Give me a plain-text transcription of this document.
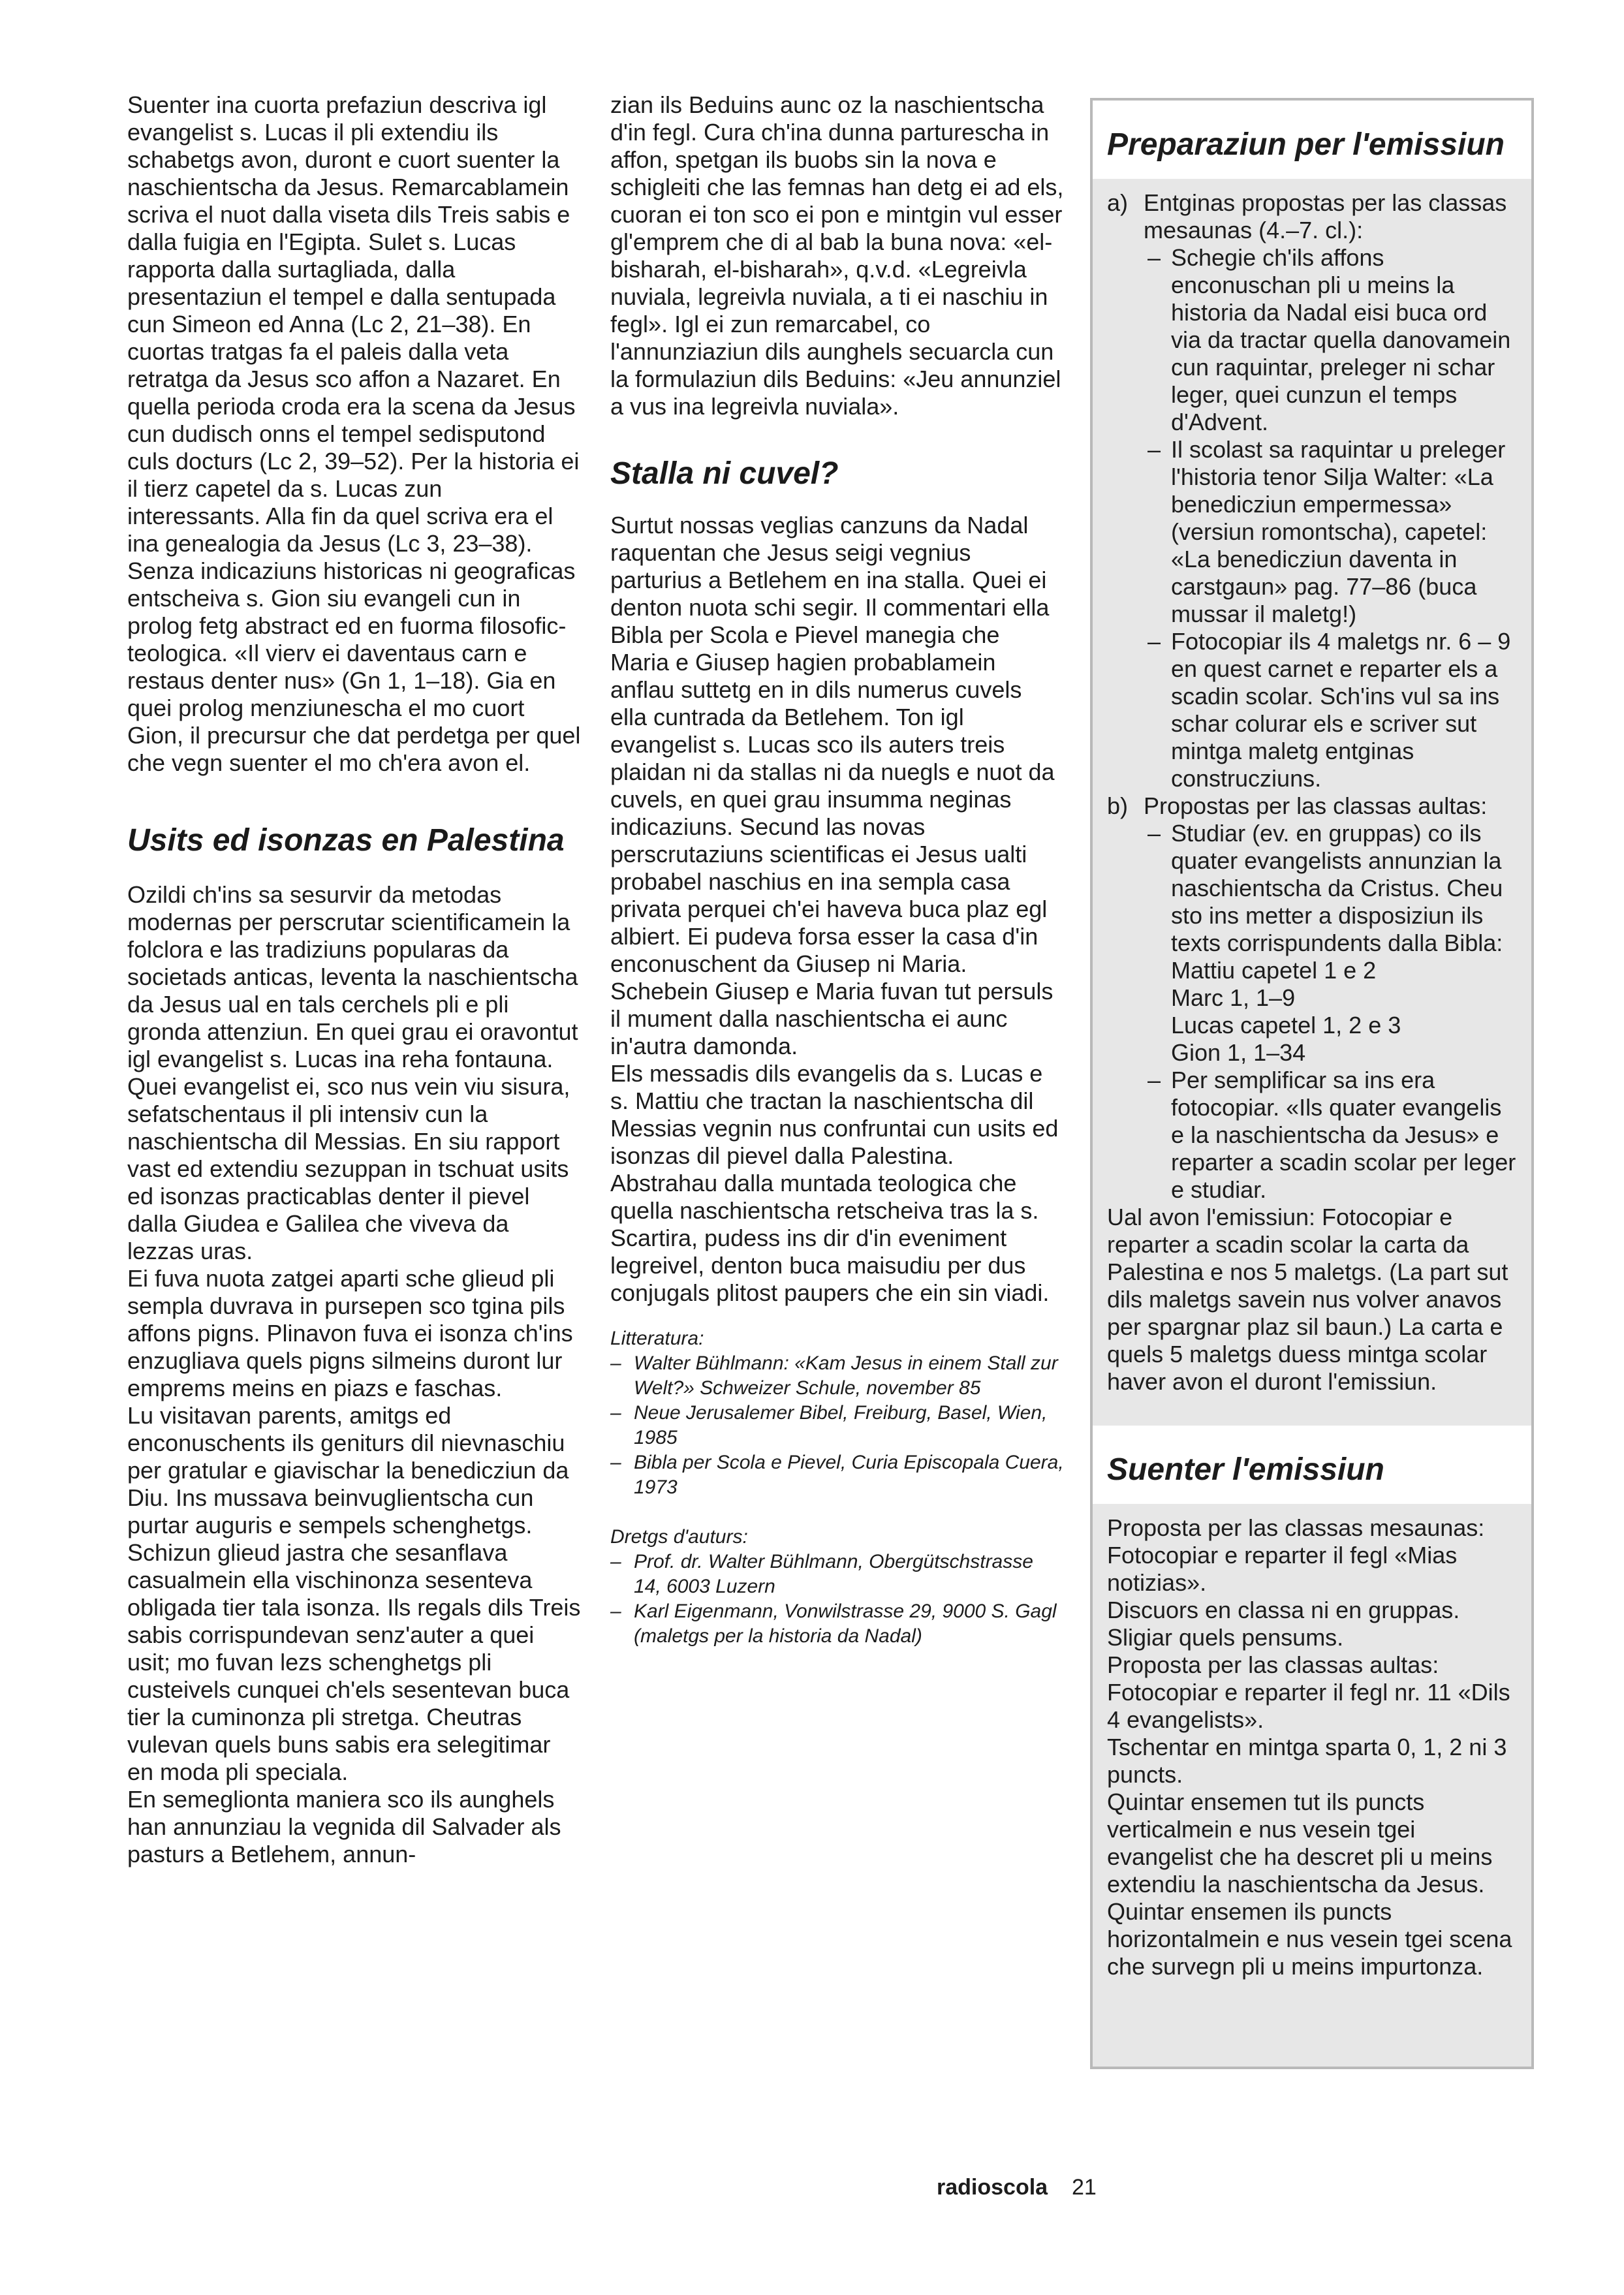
Suenter ina cuorta prefaziun descriva igl evangelist s. Lucas il pli extendiu ils schabetgs avon, duront e cuort suenter la naschientscha da Jesus. Remarcablamein scriva el nuot dalla viseta dils Treis sabis e dalla fuigia en l'Egipta. Sulet s. Lucas rapporta dalla surtagliada, dalla presentaziun el tempel e dalla sentupada cun Simeon ed Anna (Lc 2, 21–38). En cuortas tratgas fa el paleis dalla veta retratga da Jesus sco affon a Nazaret. En quella perioda croda era la scena da Jesus cun dudisch onns el tempel sedisputond culs docturs (Lc 2, 39–52). Per la historia ei il tierz capetel da s. Lucas zun interessants. Alla fin da quel scriva era el ina genealogia da Jesus (Lc 3, 23–38).

Senza indicaziuns historicas ni geograficas entscheiva s. Gion siu evangeli cun in prolog fetg abstract ed en fuorma filosofic-teologica. «Il vierv ei daventaus carn e restaus denter nus» (Gn 1, 1–18). Gia en quei prolog menziunescha el mo cuort Gion, il precursur che dat perdetga per quel che vegn suenter el mo ch'era avon el.

Usits ed isonzas en Palestina

Ozildi ch'ins sa sesurvir da metodas modernas per perscrutar scientificamein la folclora e las tradiziuns popularas da societads anticas, leventa la naschientscha da Jesus ual en tals cerchels pli e pli gronda attenziun. En quei grau ei oravontut igl evangelist s. Lucas ina reha fontauna. Quei evangelist ei, sco nus vein viu sisura, sefatschentaus il pli intensiv cun la naschientscha dil Messias. En siu rapport vast ed extendiu sezuppan in tschuat usits ed isonzas practicablas denter il pievel dalla Giudea e Galilea che viveva da lezzas uras.

Ei fuva nuota zatgei aparti sche glieud pli sempla duvrava in pursepen sco tgina pils affons pigns. Plinavon fuva ei isonza ch'ins enzugliava quels pigns silmeins duront lur emprems meins en piazs e faschas.

Lu visitavan parents, amitgs ed enconuschents ils geniturs dil nievnaschiu per gratular e giavischar la benedicziun da Diu. Ins mussava beinvuglientscha cun purtar auguris e sempels schenghetgs. Schizun glieud jastra che sesanflava casualmein ella vischinonza sesenteva obligada tier tala isonza. Ils regals dils Treis sabis corrispundevan senz'auter a quei usit; mo fuvan lezs schenghetgs pli custeivels cunquei ch'els sesentevan buca tier la cuminonza pli stretga. Cheutras vulevan quels buns sabis era selegitimar en moda pli speciala.

En semeglionta maniera sco ils aunghels han annunziau la vegnida dil Salvader als pasturs a Betlehem, annun-

zian ils Beduins aunc oz la naschientscha d'in fegl. Cura ch'ina dunna parturescha in affon, spetgan ils buobs sin la nova e schigleiti che las femnas han detg ei ad els, cuoran ei ton sco ei pon e mintgin vul esser gl'emprem che di al bab la buna nova: «el-bisharah, el-bisharah», q.v.d. «Legreivla nuviala, legreivla nuviala, a ti ei naschiu in fegl». Igl ei zun remarcabel, co l'annunziaziun dils aunghels secuarcla cun la formulaziun dils Beduins: «Jeu annunziel a vus ina legreivla nuviala».

Stalla ni cuvel?

Surtut nossas veglias canzuns da Nadal raquentan che Jesus seigi vegnius parturius a Betlehem en ina stalla. Quei ei denton nuota schi segir. Il commentari ella Bibla per Scola e Pievel manegia che Maria e Giusep hagien probablamein anflau suttetg en in dils numerus cuvels ella cuntrada da Betlehem. Ton igl evangelist s. Lucas sco ils auters treis plaidan ni da stallas ni da nuegls e nuot da cuvels, en quei grau insumma neginas indicaziuns. Secund las novas perscrutaziuns scientificas ei Jesus ualti probabel naschius en ina sempla casa privata perquei ch'ei haveva buca plaz egl albiert. Ei pudeva forsa esser la casa d'in enconuschent da Giusep ni Maria. Schebein Giusep e Maria fuvan tut persuls il mument dalla naschientscha ei aunc in'autra damonda.

Els messadis dils evangelis da s. Lucas e s. Mattiu che tractan la naschientscha dil Messias vegnin nus confruntai cun usits ed isonzas dil pievel dalla Palestina. Abstrahau dalla muntada teologica che quella naschientscha retscheiva tras la s. Scartira, pudess ins dir d'in eveniment legreivel, denton buca maisudiu per dus conjugals plitost paupers che ein sin viadi.

Litteratura:

– Walter Bühlmann: «Kam Jesus in einem Stall zur Welt?» Schweizer Schule, november 85
– Neue Jerusalemer Bibel, Freiburg, Basel, Wien, 1985
– Bibla per Scola e Pievel, Curia Episcopala Cuera, 1973

Dretgs d'auturs:

– Prof. dr. Walter Bühlmann, Obergütschstrasse 14, 6003 Luzern
– Karl Eigenmann, Vonwilstrasse 29, 9000 S. Gagl (maletgs per la historia da Nadal)
Preparaziun per l'emissiun

a) Entginas propostas per las classas mesaunas (4.–7. cl.):

– Schegie ch'ils affons enconuschan pli u meins la historia da Nadal eisi buca ord via da tractar quella danovamein cun raquintar, preleger ni schar leger, quei cunzun el temps d'Advent.
– Il scolast sa raquintar u preleger l'historia tenor Silja Walter: «La benedicziun empermessa» (versiun romontscha), capetel: «La benedicziun daventa in carstgaun» pag. 77–86 (buca mussar il maletg!)
– Fotocopiar ils 4 maletgs nr. 6 – 9 en quest carnet e reparter els a scadin scolar. Sch'ins vul sa ins schar colurar els e scriver sut mintga maletg entginas construcziuns.

b) Propostas per las classas aultas:

– Studiar (ev. en gruppas) co ils quater evangelists annunzian la naschientscha da Cristus. Cheu sto ins metter a disposiziun ils texts corrispundents dalla Bibla:
Mattiu capetel 1 e 2
Marc 1, 1–9
Lucas capetel 1, 2 e 3
Gion 1, 1–34
– Per semplificar sa ins era fotocopiar. «Ils quater evangelis e la naschientscha da Jesus» e reparter a scadin scolar per leger e studiar.

Ual avon l'emissiun: Fotocopiar e reparter a scadin scolar la carta da Palestina e nos 5 maletgs. (La part sut dils maletgs savein nus volver anavos per spargnar plaz sil baun.) La carta e quels 5 maletgs duess mintga scolar haver avon el duront l'emissiun.

Suenter l'emissiun

Proposta per las classas mesaunas:

Fotocopiar e reparter il fegl «Mias notizias».

Discuors en classa ni en gruppas.

Sligiar quels pensums.

Proposta per las classas aultas:

Fotocopiar e reparter il fegl nr. 11 «Dils 4 evangelists».

Tschentar en mintga sparta 0, 1, 2 ni 3 puncts.

Quintar ensemen tut ils puncts verticalmein e nus vesein tgei evangelist che ha descret pli u meins extendiu la naschientscha da Jesus.

Quintar ensemen ils puncts horizontalmein e nus vesein tgei scena che survegn pli u meins impurtonza.

radioscola 21
